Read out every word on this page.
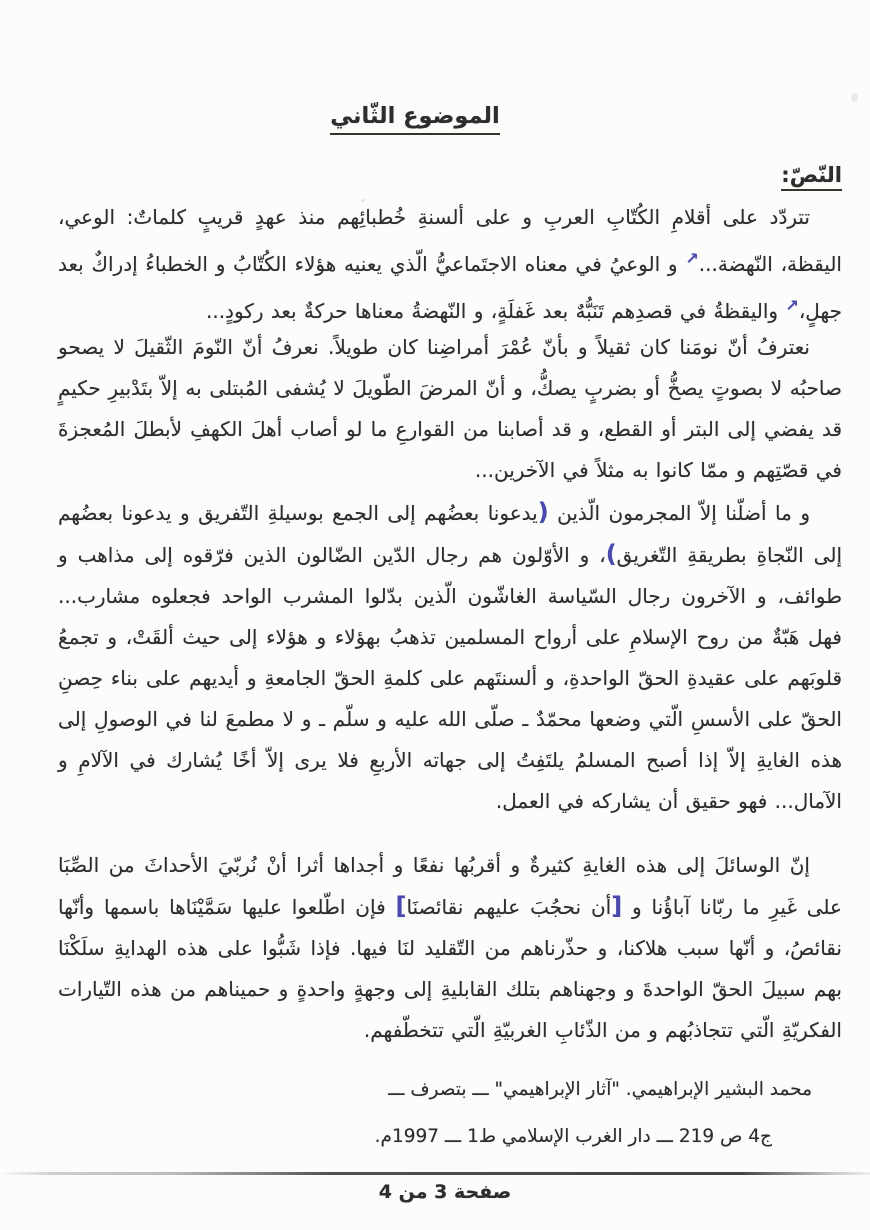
الموضوع الثّاني
النّصّ:

تتردّد على أقلامِ الكُتّابِ العربِ و على ألسنةِ خُطبائِهم منذ عهدٍ قريبٍ كلماتٌ: الوعي، اليقظة، النّهضة...↗ و الوعيُ في معناه الاجتَماعيُّ الّذي يعنيه هؤلاء الكُتّابُ و الخطباءُ إدراكٌ بعد جهلٍ،↗ واليقظةُ في قصدِهم تَنَبُّهٌ بعد غَفلَةٍ، و النّهضةُ معناها حركةٌ بعد ركودٍ...

نعترفُ أنّ نومَنا كان ثقيلاً و بأنّ عُمْرَ أمراضِنا كان طويلاً. نعرفُ أنّ النّومَ الثّقيلَ لا يصحو صاحبُه لا بصوتٍ يصخُّ أو بضربٍ يصكُّ، و أنّ المرضَ الطّويلَ لا يُشفى المُبتلى به إلاّ بتَدْبيرِ حكيمٍ قد يفضي إلى البتر أو القطع، و قد أصابنا من القوارعِ ما لو أصاب أهلَ الكهفِ لأبطلَ المُعجزةَ في قصّتِهم و ممّا كانوا به مثلاً في الآخرين...

و ما أضلّنا إلاّ المجرمون الّذين (يدعونا بعضُهم إلى الجمع بوسيلةِ التّفريق و يدعونا بعضُهم إلى النّجاةِ بطريقةِ التّغريق)، و الأوّلون هم رجال الدّين الضّالون الذين فرّقوه إلى مذاهب و طوائف، و الآخرون رجال السّياسة الغاشّون الّذين بدّلوا المشرب الواحد فجعلوه مشارب... فهل هَبّةٌ من روح الإسلامِ على أرواح المسلمين تذهبُ بهؤلاء و هؤلاء إلى حيث ألقَتْ، و تجمعُ قلوبَهم على عقيدةِ الحقّ الواحدةِ، و ألسنتَهم على كلمةِ الحقّ الجامعةِ و أيديهم على بناء حِصنِ الحقّ على الأسسِ الّتي وضعها محمّدٌ ـ صلّى الله عليه و سلّم ـ و لا مطمعَ لنا في الوصولِ إلى هذه الغايةِ إلاّ إذا أصبح المسلمُ يلتَفِتُ إلى جهاته الأربعِ فلا يرى إلاّ أخًا يُشارك في الآلامِ و الآمال... فهو حقيق أن يشاركه في العمل.

إنّ الوسائلَ إلى هذه الغايةِ كثيرةٌ و أقربُها نفعًا و أجداها أثرا أنْ نُربّيَ الأحداثَ من الصِّبَا على غَيرِ ما ربّانا آباؤُنا و [أن نحجُبَ عليهم نقائصنَا] فإن اطّلعوا عليها سَمَّيْنَاها باسمها وأنّها نقائصُ، و أنّها سبب هلاكنا، و حذّرناهم من التّقليد لنَا فيها. فإذا شَبُّوا على هذه الهدايةِ سلَكْنَا بهم سبيلَ الحقّ الواحدةَ و وجهناهم بتلك القابليةِ إلى وجهةٍ واحدةٍ و حميناهم من هذه التّيارات الفكريّةِ الّتي تتجاذبُهم و من الذّئابِ الغربيّةِ الّتي تتخطّفهم.

محمد البشير الإبراهيمي. "آثار الإبراهيمي" ـــ بتصرف ـــ
ج4 ص 219 ـــ دار الغرب الإسلامي ط1 ـــ 1997م.
صفحة 3 من 4
